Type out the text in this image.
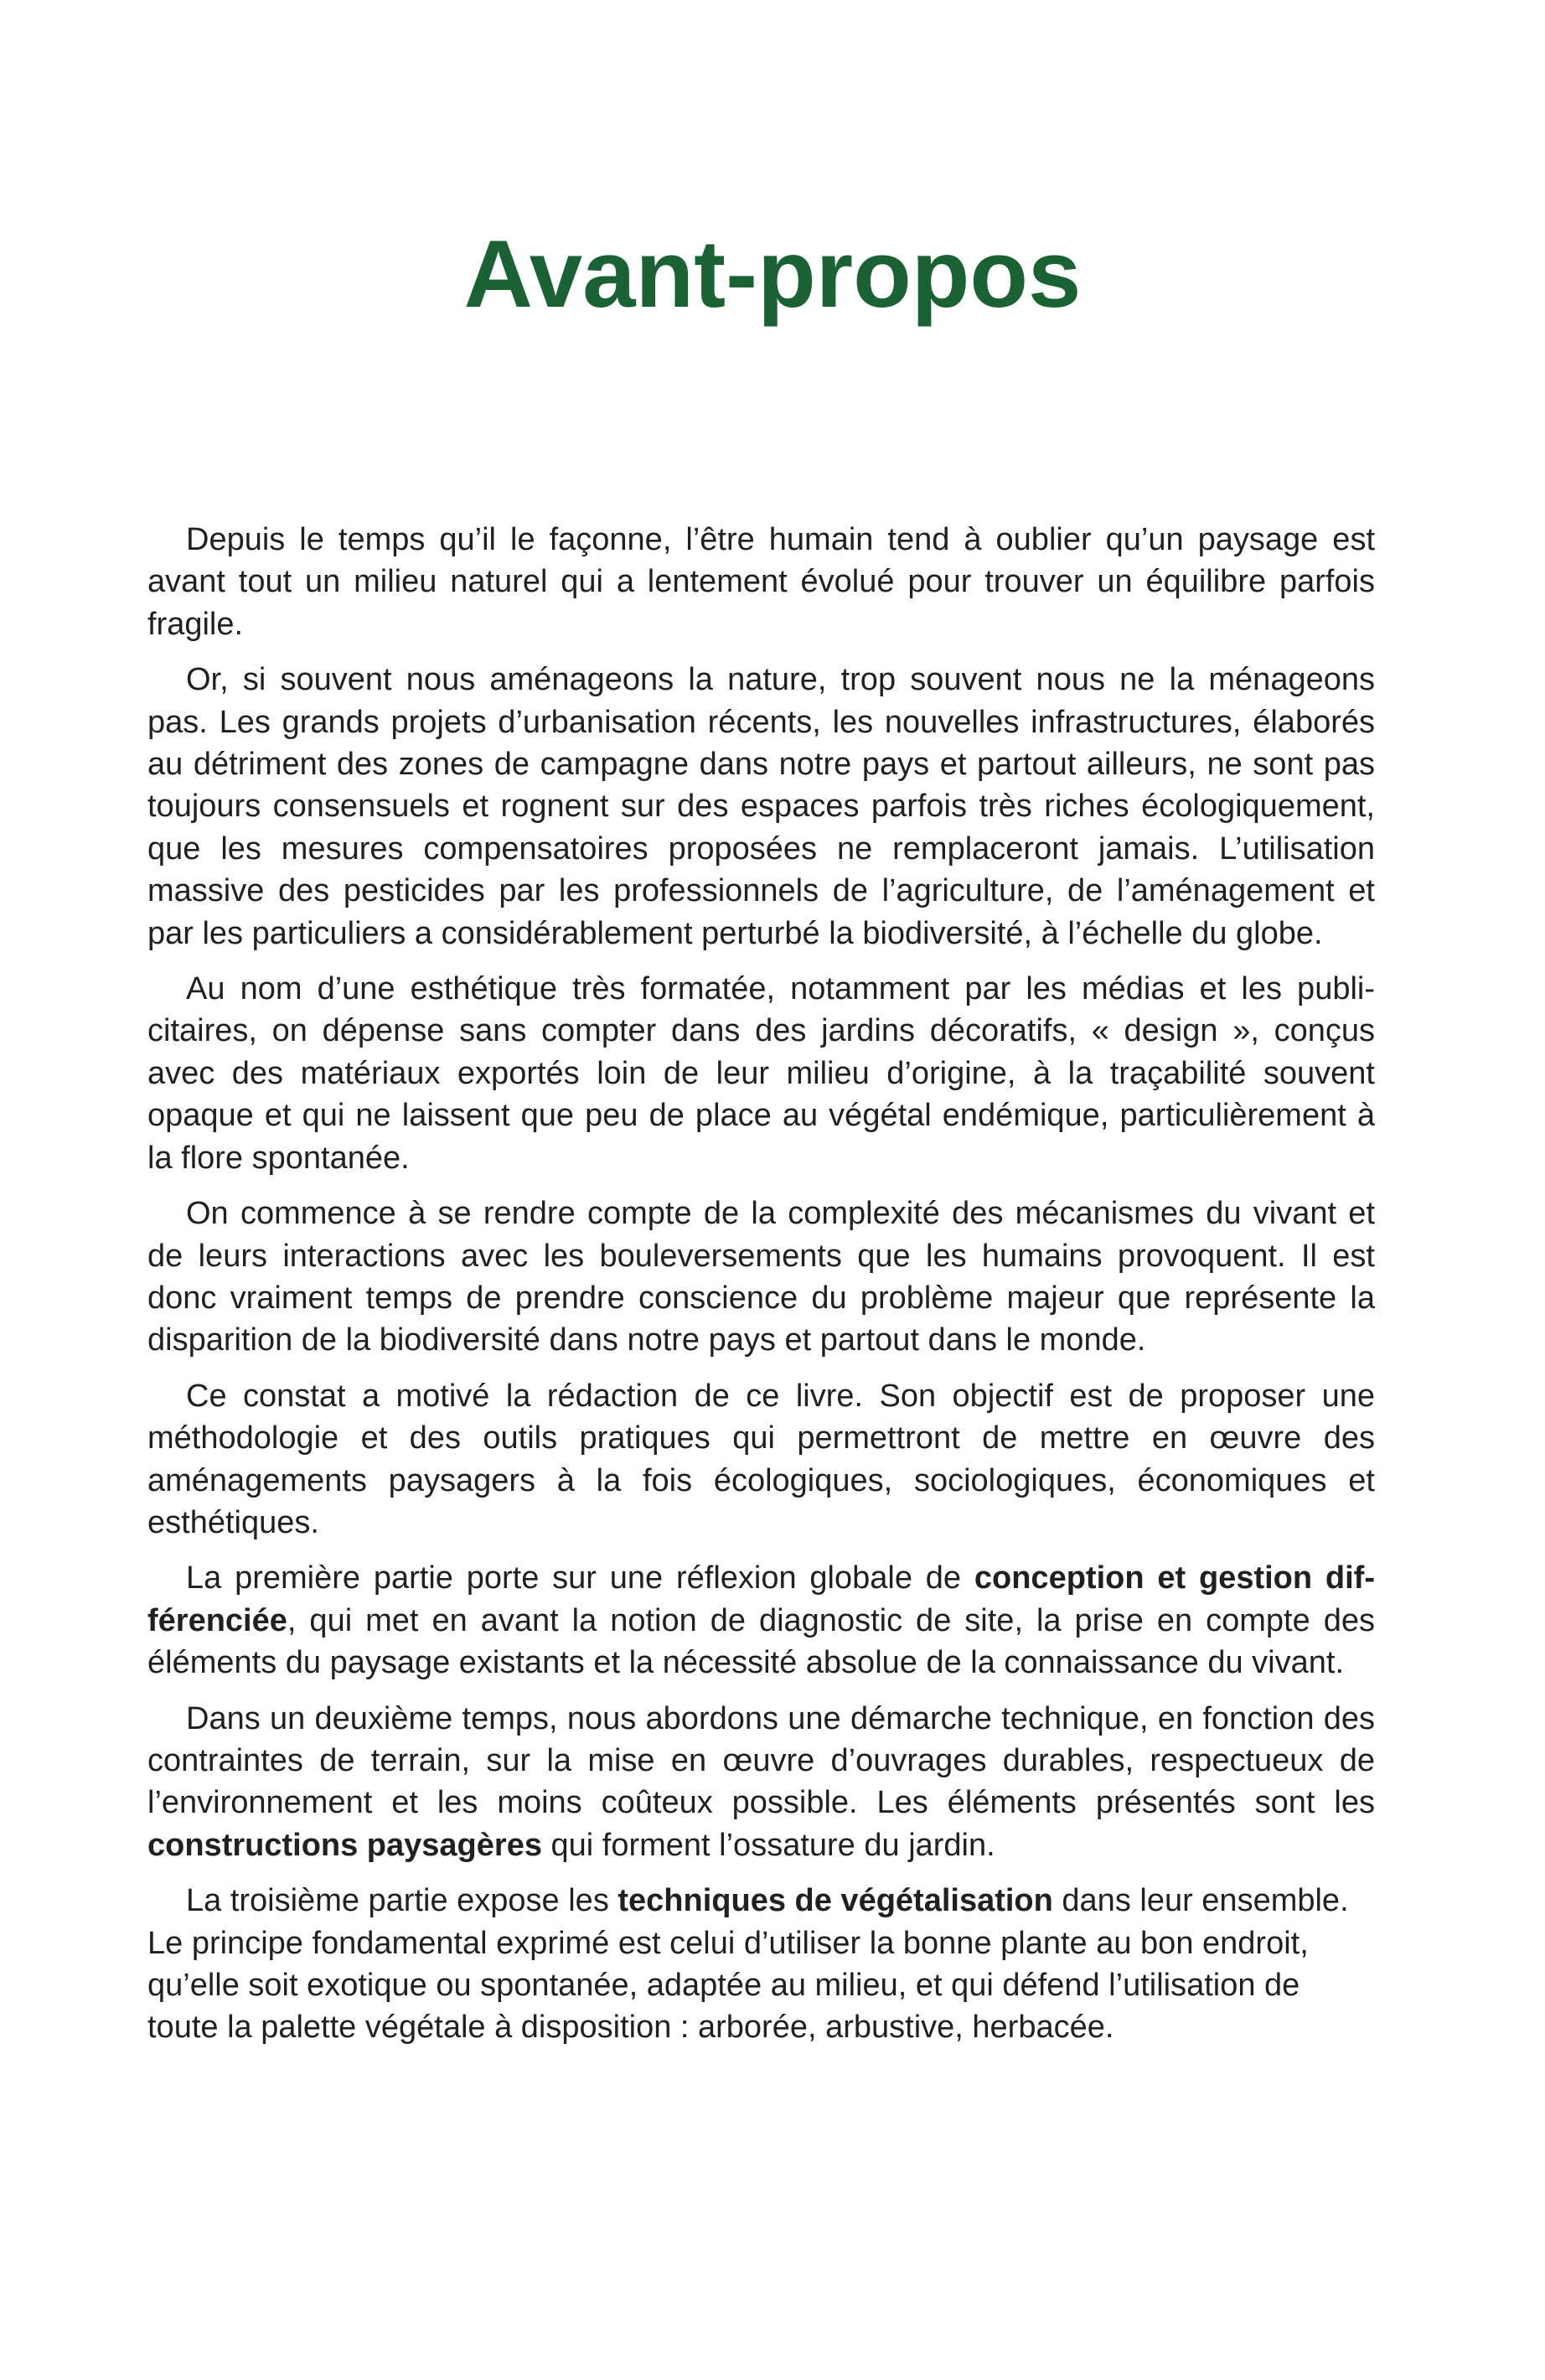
Avant-propos

Depuis le temps qu’il le façonne, l’être humain tend à oublier qu’un paysage est avant tout un milieu naturel qui a lentement évolué pour trouver un équilibre parfois fragile.

Or, si souvent nous aménageons la nature, trop souvent nous ne la ménageons pas. Les grands projets d’urbanisation récents, les nouvelles infrastructures, élaborés au détriment des zones de campagne dans notre pays et partout ailleurs, ne sont pas toujours consensuels et rognent sur des espaces parfois très riches écologiquement, que les mesures compensatoires proposées ne remplaceront jamais. L’utilisation massive des pesticides par les professionnels de l’agriculture, de l’aménagement et par les particuliers a considérablement perturbé la biodiversité, à l’échelle du globe.

Au nom d’une esthétique très formatée, notamment par les médias et les publicitaires, on dépense sans compter dans des jardins décoratifs, « design », conçus avec des matériaux exportés loin de leur milieu d’origine, à la traçabilité souvent opaque et qui ne laissent que peu de place au végétal endémique, particulièrement à la flore spontanée.

On commence à se rendre compte de la complexité des mécanismes du vivant et de leurs interactions avec les bouleversements que les humains provoquent. Il est donc vraiment temps de prendre conscience du problème majeur que représente la disparition de la biodiversité dans notre pays et partout dans le monde.

Ce constat a motivé la rédaction de ce livre. Son objectif est de proposer une méthodologie et des outils pratiques qui permettront de mettre en œuvre des aménagements paysagers à la fois écologiques, sociologiques, économiques et esthétiques.

La première partie porte sur une réflexion globale de conception et gestion différenciée, qui met en avant la notion de diagnostic de site, la prise en compte des éléments du paysage existants et la nécessité absolue de la connaissance du vivant.

Dans un deuxième temps, nous abordons une démarche technique, en fonction des contraintes de terrain, sur la mise en œuvre d’ouvrages durables, respectueux de l’environnement et les moins coûteux possible. Les éléments présentés sont les constructions paysagères qui forment l’ossature du jardin.

La troisième partie expose les techniques de végétalisation dans leur ensemble. Le principe fondamental exprimé est celui d’utiliser la bonne plante au bon endroit, qu’elle soit exotique ou spontanée, adaptée au milieu, et qui défend l’utilisation de toute la palette végétale à disposition : arborée, arbustive, herbacée.
